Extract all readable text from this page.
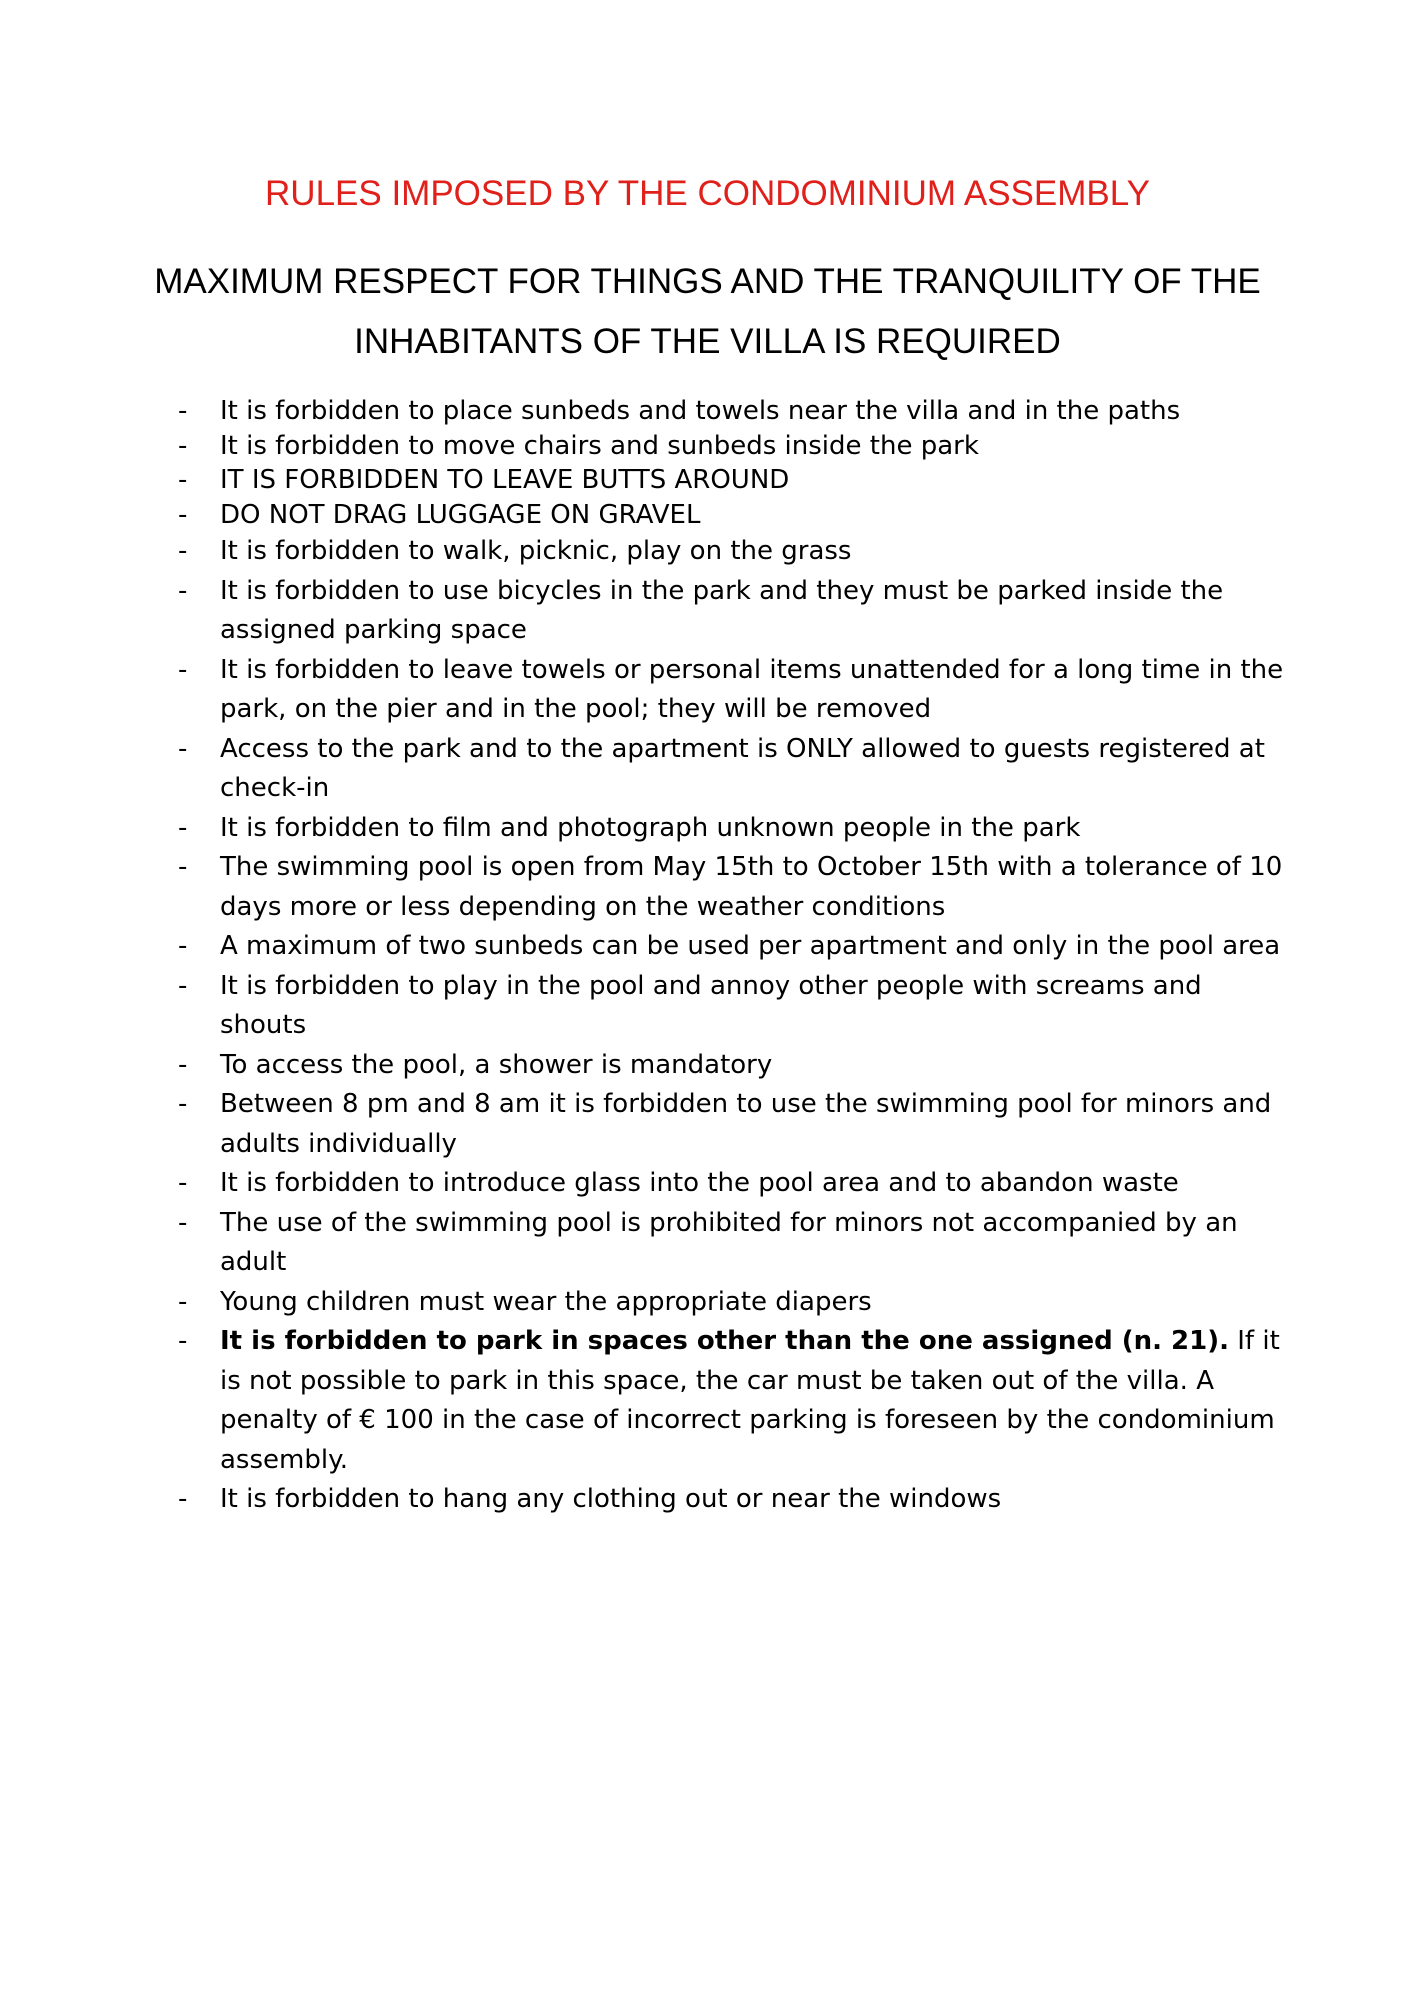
RULES IMPOSED BY THE CONDOMINIUM ASSEMBLY
MAXIMUM RESPECT FOR THINGS AND THE TRANQUILITY OF THE INHABITANTS OF THE VILLA IS REQUIRED
- It is forbidden to place sunbeds and towels near the villa and in the paths
- It is forbidden to move chairs and sunbeds inside the park
- IT IS FORBIDDEN TO LEAVE BUTTS AROUND
- DO NOT DRAG LUGGAGE ON GRAVEL
- It is forbidden to walk, picknic, play on the grass
- It is forbidden to use bicycles in the park and they must be parked inside the assigned parking space
- It is forbidden to leave towels or personal items unattended for a long time in the park, on the pier and in the pool; they will be removed
- Access to the park and to the apartment is ONLY allowed to guests registered at check-in
- It is forbidden to film and photograph unknown people in the park
- The swimming pool is open from May 15th to October 15th with a tolerance of 10 days more or less depending on the weather conditions
- A maximum of two sunbeds can be used per apartment and only in the pool area
- It is forbidden to play in the pool and annoy other people with screams and shouts
- To access the pool, a shower is mandatory
- Between 8 pm and 8 am it is forbidden to use the swimming pool for minors and adults individually
- It is forbidden to introduce glass into the pool area and to abandon waste
- The use of the swimming pool is prohibited for minors not accompanied by an adult
- Young children must wear the appropriate diapers
- It is forbidden to park in spaces other than the one assigned (n. 21). If it is not possible to park in this space, the car must be taken out of the villa. A penalty of € 100 in the case of incorrect parking is foreseen by the condominium assembly.
- It is forbidden to hang any clothing out or near the windows
